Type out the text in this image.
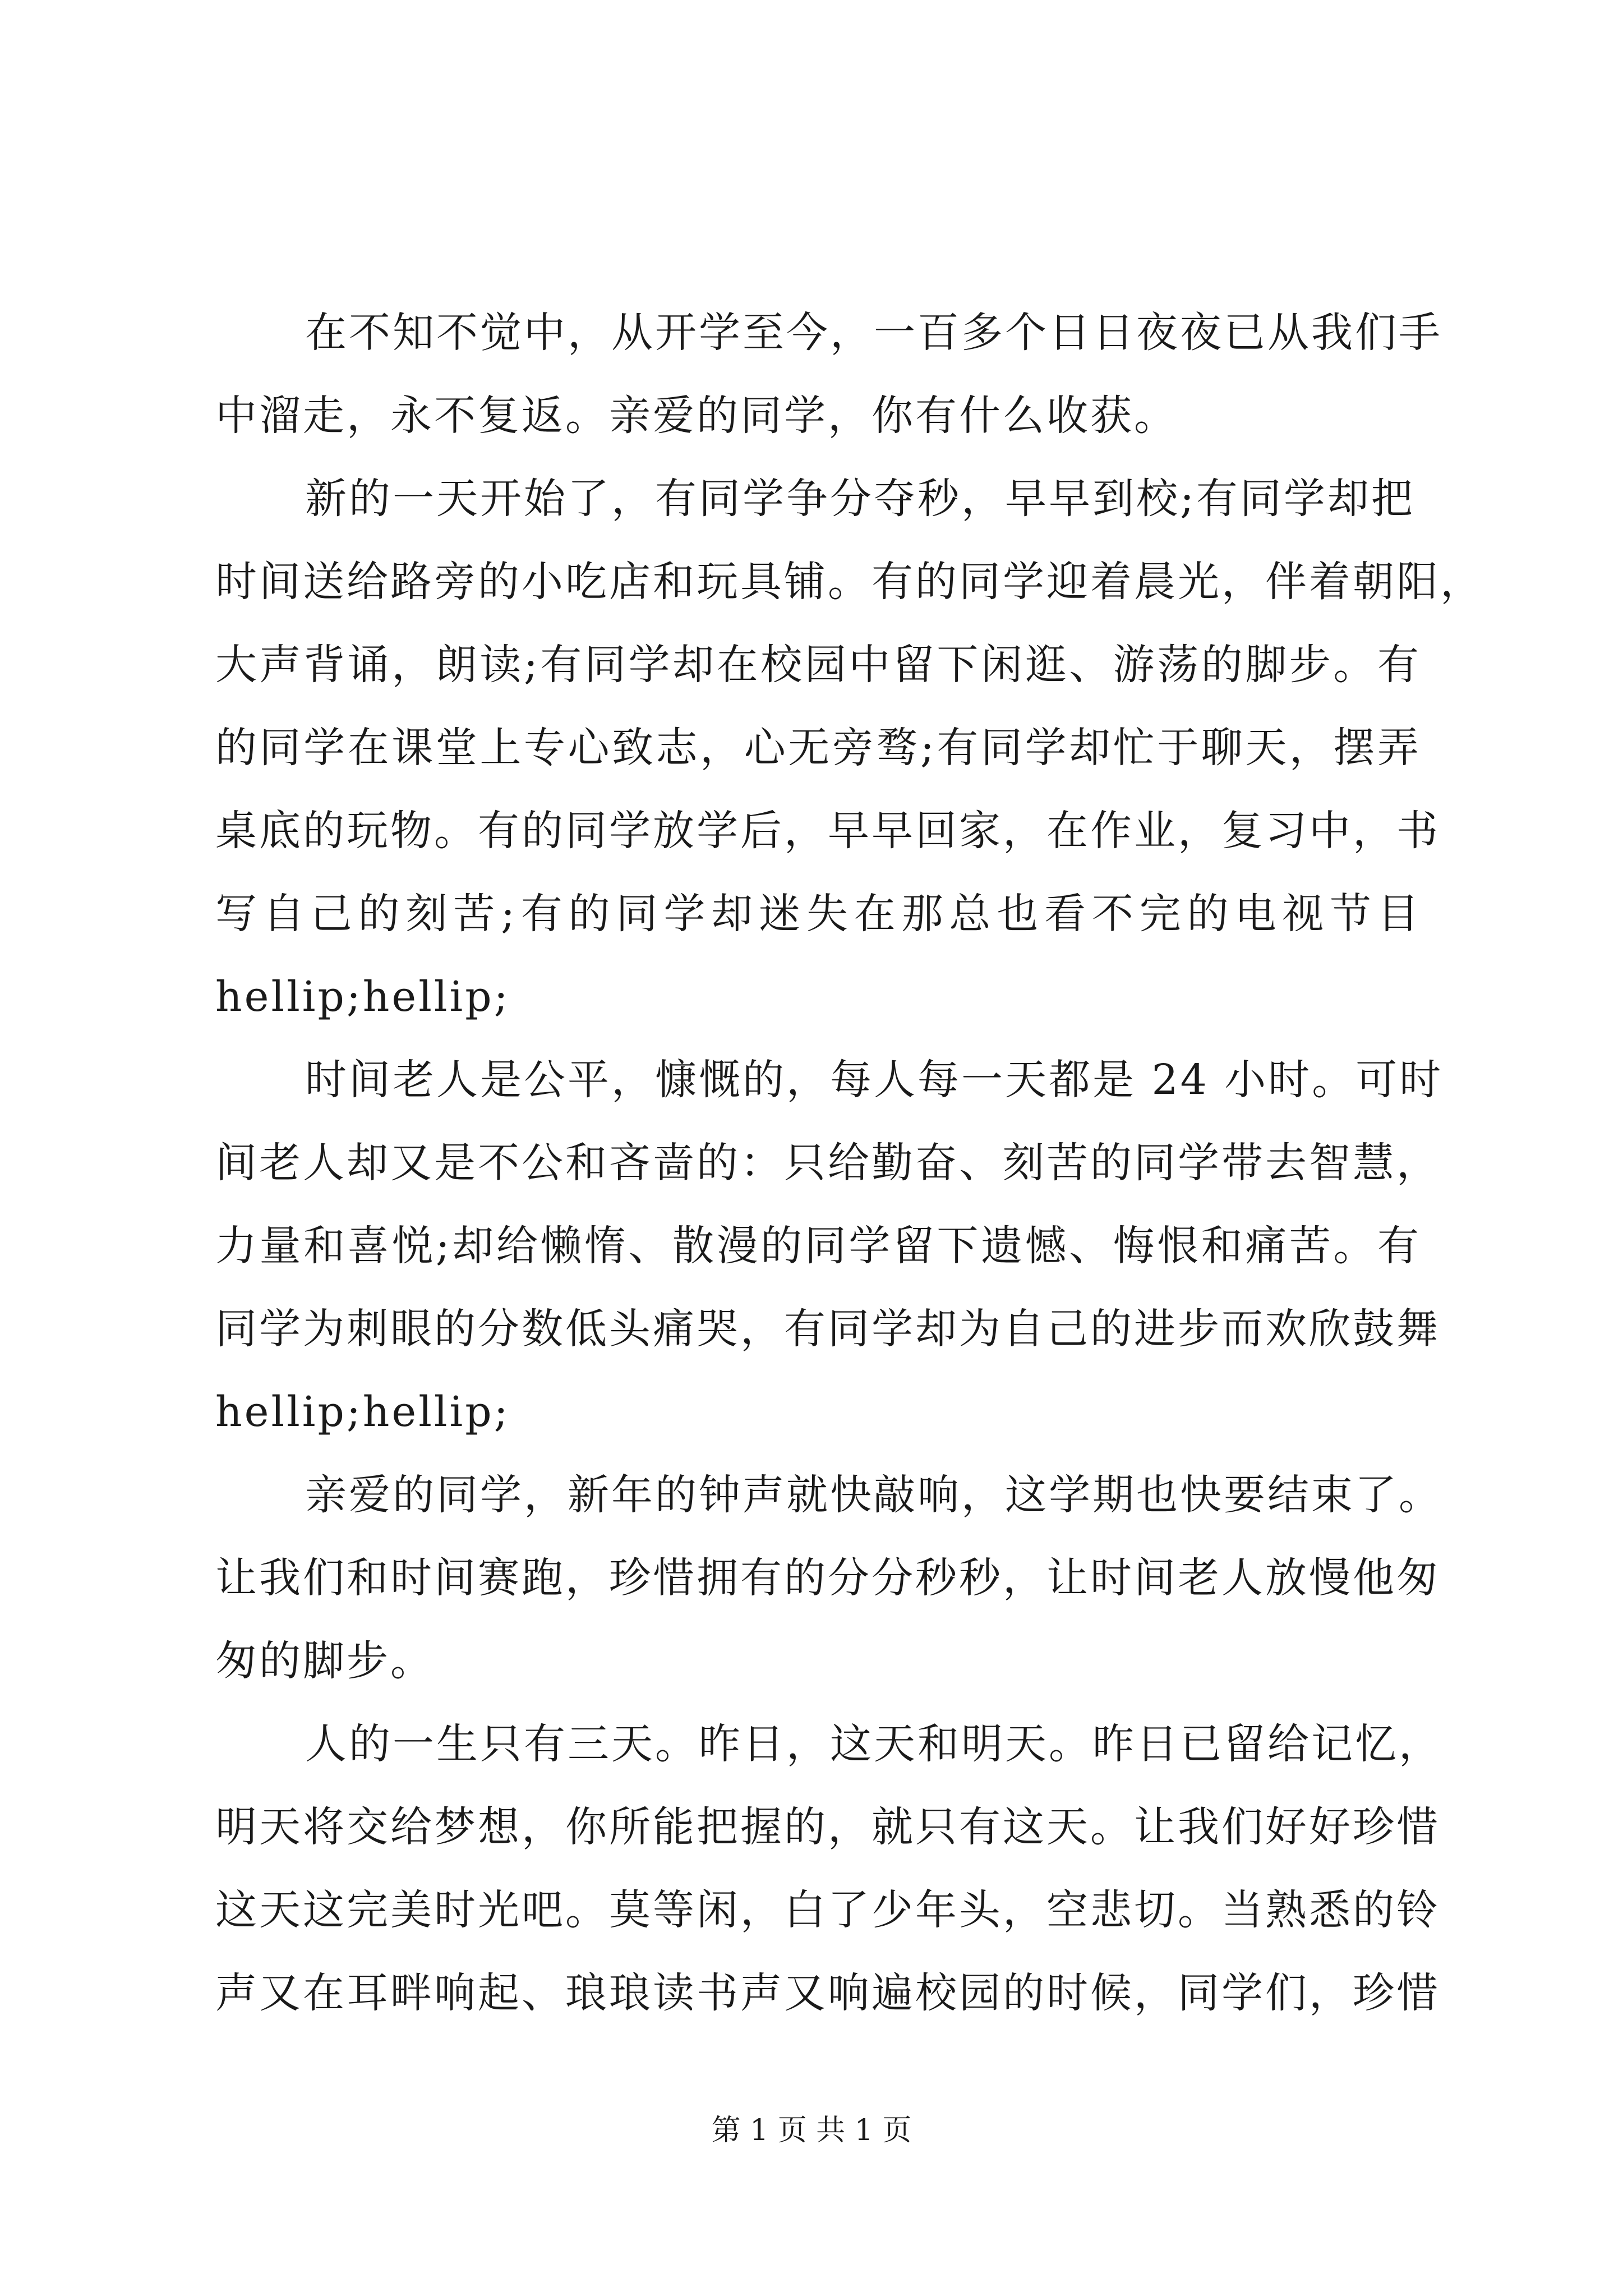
在不知不觉中，从开学至今，一百多个日日夜夜已从我们手
中溜走，永不复返。亲爱的同学，你有什么收获。
新的一天开始了，有同学争分夺秒，早早到校;有同学却把
时间送给路旁的小吃店和玩具铺。有的同学迎着晨光，伴着朝阳，
大声背诵，朗读;有同学却在校园中留下闲逛、游荡的脚步。有
的同学在课堂上专心致志，心无旁骛;有同学却忙于聊天，摆弄
桌底的玩物。有的同学放学后，早早回家，在作业，复习中，书
写自己的刻苦;有的同学却迷失在那总也看不完的电视节目
hellip;hellip;
时间老人是公平，慷慨的，每人每一天都是 24 小时。可时
间老人却又是不公和吝啬的：只给勤奋、刻苦的同学带去智慧，
力量和喜悦;却给懒惰、散漫的同学留下遗憾、悔恨和痛苦。有
同学为刺眼的分数低头痛哭，有同学却为自己的进步而欢欣鼓舞
hellip;hellip;
亲爱的同学，新年的钟声就快敲响，这学期也快要结束了。
让我们和时间赛跑，珍惜拥有的分分秒秒，让时间老人放慢他匆
匆的脚步。
人的一生只有三天。昨日，这天和明天。昨日已留给记忆，
明天将交给梦想，你所能把握的，就只有这天。让我们好好珍惜
这天这完美时光吧。莫等闲，白了少年头，空悲切。当熟悉的铃
声又在耳畔响起、琅琅读书声又响遍校园的时候，同学们，珍惜
第 1 页 共 1 页
